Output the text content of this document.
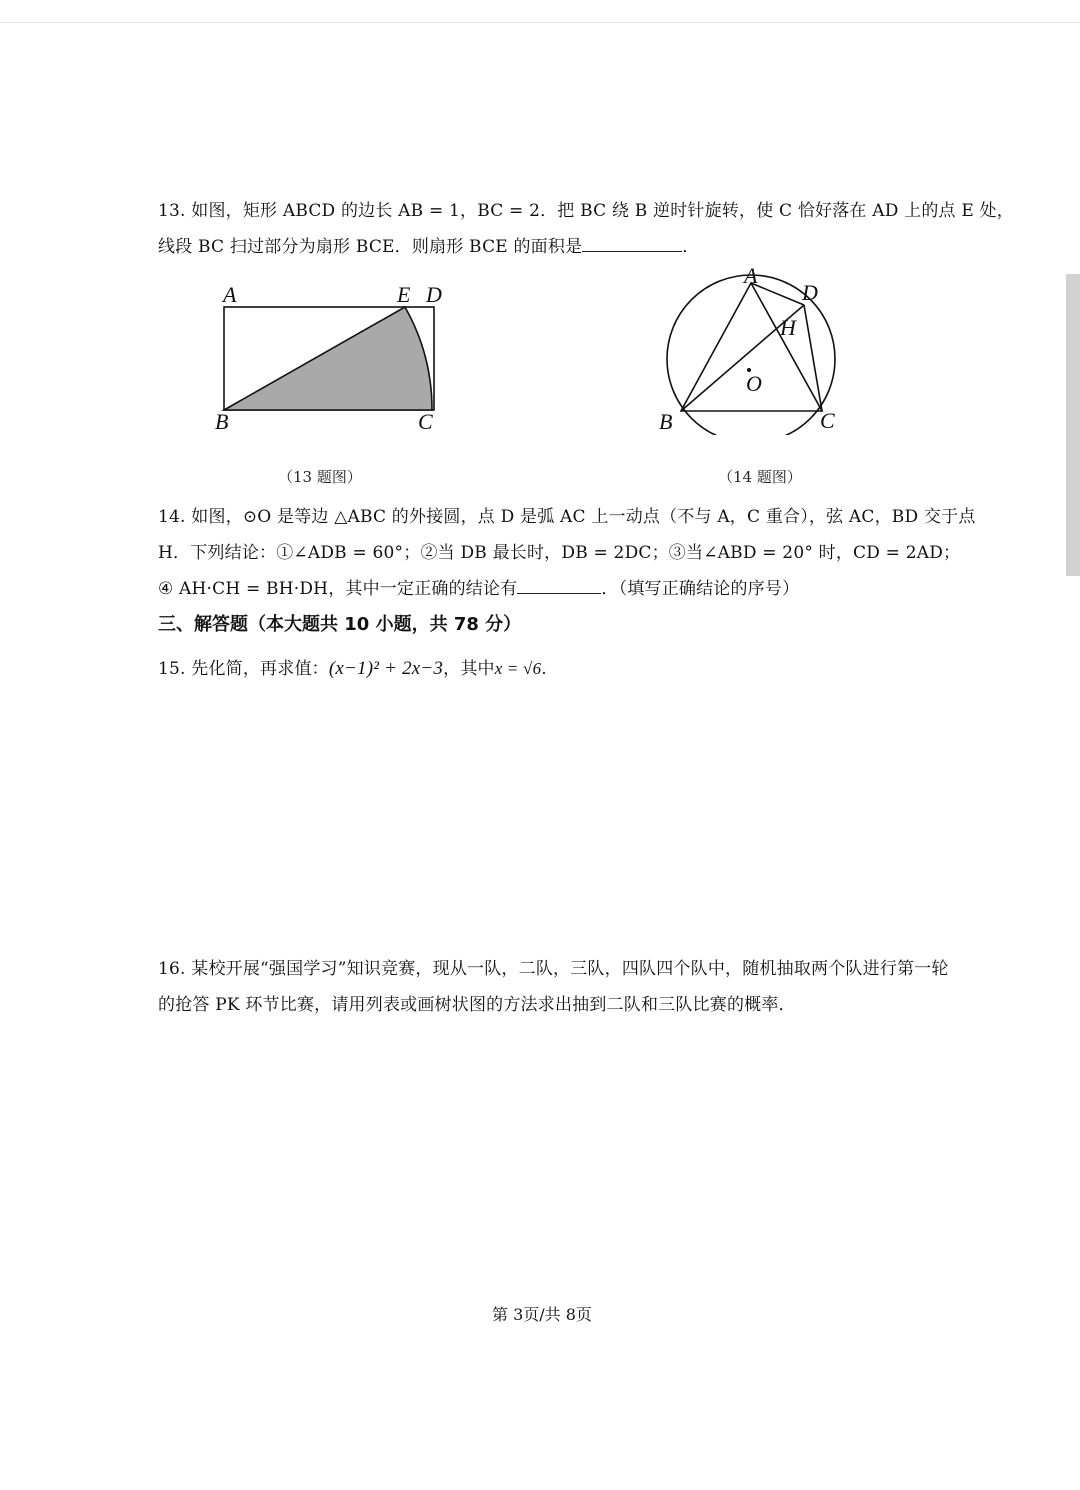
13. 如图，矩形 ABCD 的边长 AB = 1，BC = 2．把 BC 绕 B 逆时针旋转，使 C 恰好落在 AD 上的点 E 处，
线段 BC 扫过部分为扇形 BCE．则扇形 BCE 的面积是	．
A	E D
B	C
（13 题图）
A
D
H
O
B	C
（14 题图）
14. 如图，⊙O 是等边 △ABC 的外接圆，点 D 是弧 AC 上一动点（不与 A，C 重合），弦 AC，BD 交于点
H．下列结论：①∠ADB = 60°；②当 DB 最长时，DB = 2DC；③当∠ABD = 20° 时，CD = 2AD；
④ AH·CH = BH·DH，其中一定正确的结论有	．（填写正确结论的序号）
三、解答题（本大题共 10 小题，共 78 分）
15. 先化简，再求值：(x−1)² + 2x−3，其中x = √6.
16. 某校开展“强国学习”知识竞赛，现从一队，二队，三队，四队四个队中，随机抽取两个队进行第一轮
的抢答 PK 环节比赛，请用列表或画树状图的方法求出抽到二队和三队比赛的概率．
第 3页/共 8页
